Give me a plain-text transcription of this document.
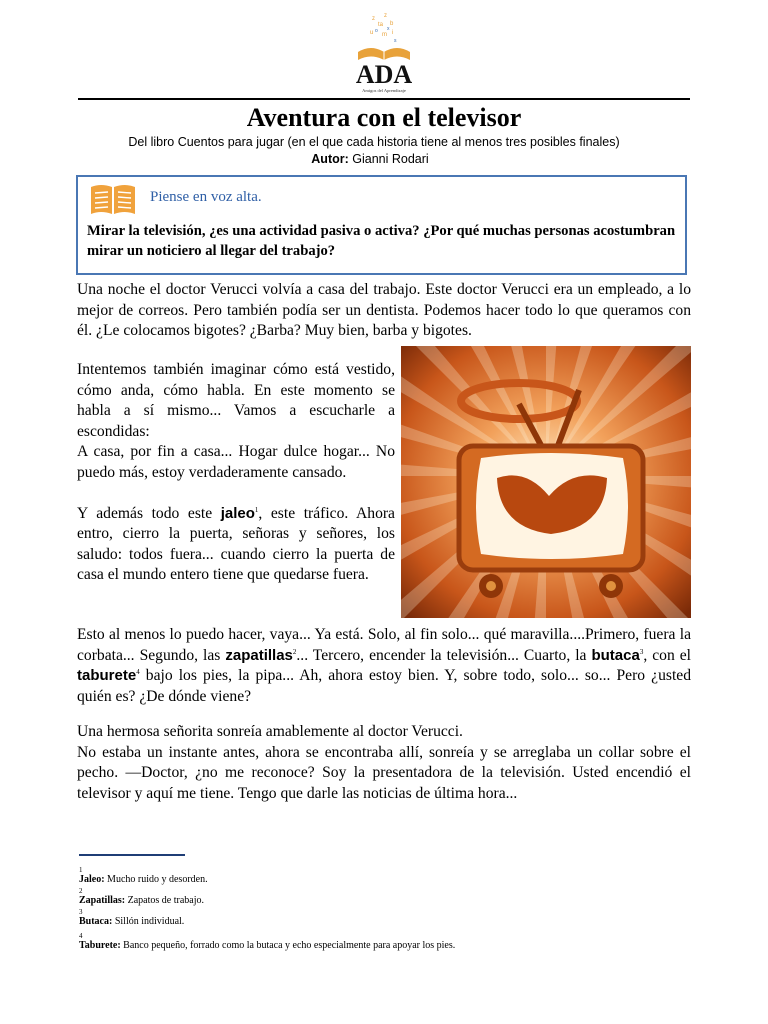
z z
ta b
u m i
o x
s
ADA
Amigos del Aprendizaje
Aventura con el televisor
Del libro Cuentos para jugar (en el que cada historia tiene al menos tres posibles finales)
Autor: Gianni Rodari
Piense en voz alta.
Mirar la televisión, ¿es una actividad pasiva o activa? ¿Por qué muchas personas acostumbran mirar un noticiero al llegar del trabajo?
Una noche el doctor Verucci volvía a casa del trabajo. Este doctor Verucci era un empleado, a lo mejor de correos. Pero también podía ser un dentista. Podemos hacer todo lo que queramos con él. ¿Le colocamos bigotes? ¿Barba? Muy bien, barba y bigotes.
Intentemos también imaginar cómo está vestido, cómo anda, cómo habla. En este momento se habla a sí mismo... Vamos a escucharle a escondidas:
A casa, por fin a casa... Hogar dulce hogar... No puedo más, estoy verdaderamente cansado.
Y además todo este jaleo$^1$, este tráfico. Ahora entro, cierro la puerta, señoras y señores, los saludo: todos fuera... cuando cierro la puerta de casa el mundo entero tiene que quedarse fuera.
Esto al menos lo puedo hacer, vaya... Ya está. Solo, al fin solo... qué maravilla....Primero, fuera la corbata... Segundo, las zapatillas$^2$... Tercero, encender la televisión... Cuarto, la butaca$^3$, con el taburete$^4$ bajo los pies, la pipa... Ah, ahora estoy bien. Y, sobre todo, solo... so... Pero ¿usted quién es? ¿De dónde viene?
Una hermosa señorita sonreía amablemente al doctor Verucci.
No estaba un instante antes, ahora se encontraba allí, sonreía y se arreglaba un collar sobre el pecho. —Doctor, ¿no me reconoce? Soy la presentadora de la televisión. Usted encendió el televisor y aquí me tiene. Tengo que darle las noticias de última hora...
1
Jaleo: Mucho ruido y desorden.
2
Zapatillas: Zapatos de trabajo.
3
Butaca: Sillón individual.
4
Taburete: Banco pequeño, forrado como la butaca y echo especialmente para apoyar los pies.
